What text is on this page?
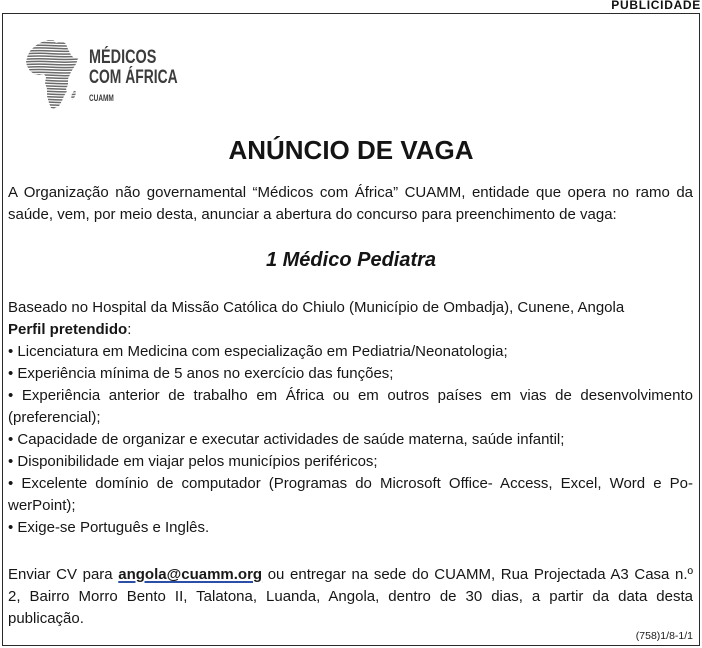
PUBLICIDADE
MÉDICOS
COM ÁFRICA
CUAMM
ANÚNCIO DE VAGA
A Organização não governamental “Médicos com África” CUAMM, entidade que opera no ramo da
saúde, vem, por meio desta, anunciar a abertura do concurso para preenchimento de vaga:
1 Médico Pediatra
Baseado no Hospital da Missão Católica do Chiulo (Município de Ombadja), Cunene, Angola
Perfil pretendido:
• Licenciatura em Medicina com especialização em Pediatria/Neonatologia;
• Experiência mínima de 5 anos no exercício das funções;
• Experiência anterior de trabalho em África ou em outros países em vias de desenvolvimento
(preferencial);
• Capacidade de organizar e executar actividades de saúde materna, saúde infantil;
• Disponibilidade em viajar pelos municípios periféricos;
• Excelente domínio de computador (Programas do Microsoft Office- Access, Excel, Word e Po-
werPoint);
• Exige-se Português e Inglês.
Enviar CV para angola@cuamm.org ou entregar na sede do CUAMM, Rua Projectada A3 Casa n.º
2, Bairro Morro Bento II, Talatona, Luanda, Angola, dentro de 30 dias, a partir da data desta
publicação.
(758)1/8-1/1
